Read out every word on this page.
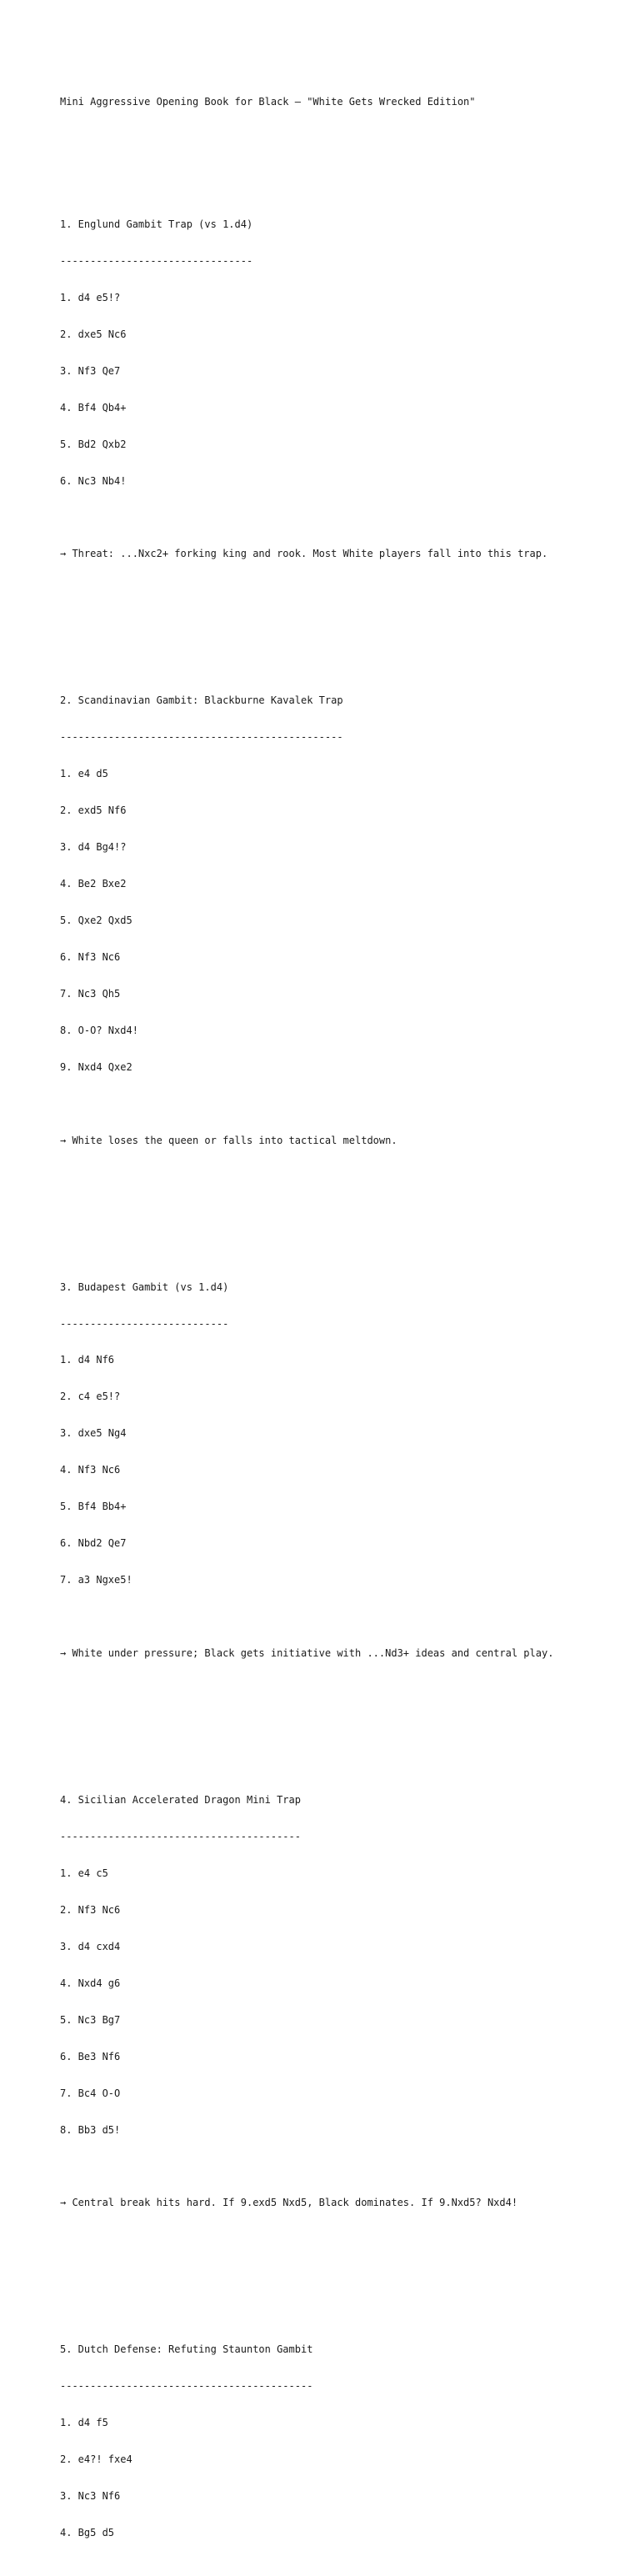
Mini Aggressive Opening Book for Black – "White Gets Wrecked Edition"

1. Englund Gambit Trap (vs 1.d4)

--------------------------------

1. d4 e5!?

2. dxe5 Nc6

3. Nf3 Qe7

4. Bf4 Qb4+

5. Bd2 Qxb2

6. Nc3 Nb4!

→ Threat: ...Nxc2+ forking king and rook. Most White players fall into this trap.

2. Scandinavian Gambit: Blackburne Kavalek Trap

-----------------------------------------------

1. e4 d5

2. exd5 Nf6

3. d4 Bg4!?

4. Be2 Bxe2

5. Qxe2 Qxd5

6. Nf3 Nc6

7. Nc3 Qh5

8. O-O? Nxd4!

9. Nxd4 Qxe2

→ White loses the queen or falls into tactical meltdown.

3. Budapest Gambit (vs 1.d4)

----------------------------

1. d4 Nf6

2. c4 e5!?

3. dxe5 Ng4

4. Nf3 Nc6

5. Bf4 Bb4+

6. Nbd2 Qe7

7. a3 Ngxe5!

→ White under pressure; Black gets initiative with ...Nd3+ ideas and central play.

4. Sicilian Accelerated Dragon Mini Trap

----------------------------------------

1. e4 c5

2. Nf3 Nc6

3. d4 cxd4

4. Nxd4 g6

5. Nc3 Bg7

6. Be3 Nf6

7. Bc4 O-O

8. Bb3 d5!

→ Central break hits hard. If 9.exd5 Nxd5, Black dominates. If 9.Nxd5? Nxd4!

5. Dutch Defense: Refuting Staunton Gambit

------------------------------------------

1. d4 f5

2. e4?! fxe4

3. Nc3 Nf6

4. Bg5 d5
